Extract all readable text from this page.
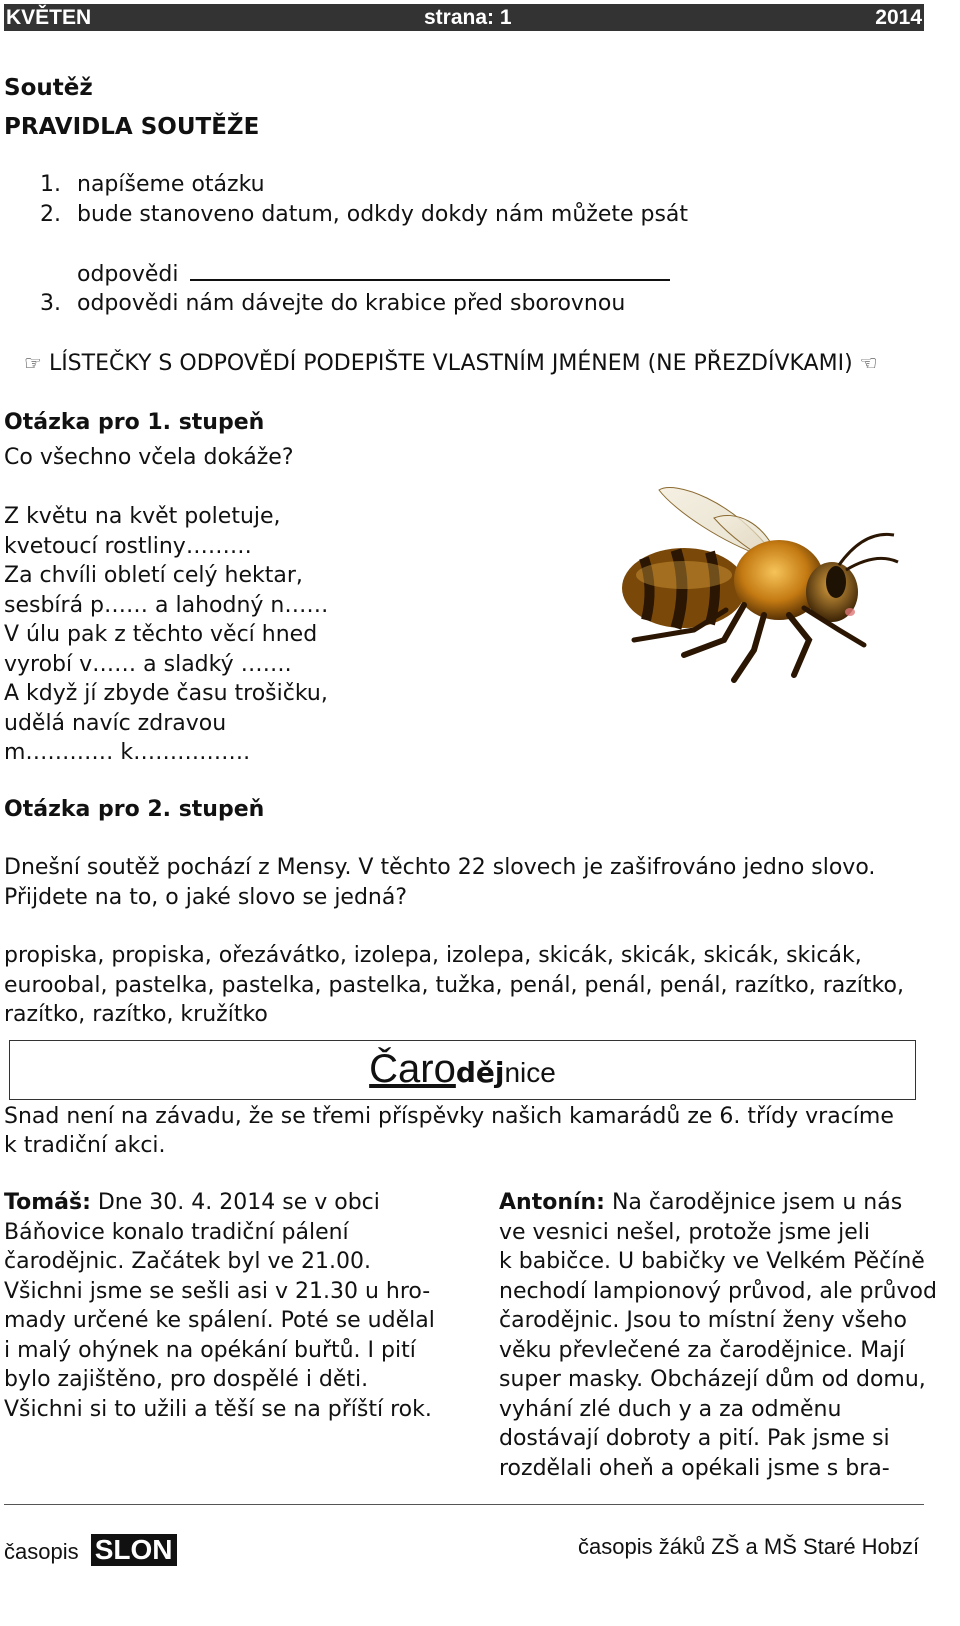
KVĚTEN	strana: 1	2014
Soutěž
PRAVIDLA SOUTĚŽE
1. napíšeme otázku
2. bude stanoveno datum, odkdy dokdy nám můžete psát
odpovědi
3. odpovědi nám dávejte do krabice před sborovnou
☞ LÍSTEČKY S ODPOVĚDÍ PODEPIŠTE VLASTNÍM JMÉNEM (NE PŘEZDÍVKAMI) ☜
Otázka pro 1. stupeň
Co všechno včela dokáže?
Z květu na květ poletuje,
kvetoucí rostliny………
Za chvíli obletí celý hektar,
sesbírá p…… a lahodný n……
V úlu pak z těchto věcí hned
vyrobí v…… a sladký …….
A když jí zbyde času trošičku,
udělá navíc zdravou
m………… k…………….
Otázka pro 2. stupeň
Dnešní soutěž pochází z Mensy. V těchto 22 slovech je zašifrováno jedno slovo.
Přijdete na to, o jaké slovo se jedná?
propiska, propiska, ořezávátko, izolepa, izolepa, skicák, skicák, skicák, skicák,
euroobal, pastelka, pastelka, pastelka, tužka, penál, penál, penál, razítko, razítko,
razítko, razítko, kružítko
Čarodějnice
Snad není na závadu, že se třemi příspěvky našich kamarádů ze 6. třídy vracíme
k tradiční akci.
Tomáš: Dne 30. 4. 2014 se v obci
Báňovice konalo tradiční pálení
čarodějnic. Začátek byl ve 21.00.
Všichni jsme se sešli asi v 21.30 u hro-
mady určené ke spálení. Poté se udělal
i malý ohýnek na opékání buřtů. I pití
bylo zajištěno, pro dospělé i děti.
Všichni si to užili a těší se na příští rok.
Antonín: Na čarodějnice jsem u nás
ve vesnici nešel, protože jsme jeli
k babičce. U babičky ve Velkém Pěčíně
nechodí lampionový průvod, ale průvod
čarodějnic. Jsou to místní ženy všeho
věku převlečené za čarodějnice. Mají
super masky. Obcházejí dům od domu,
vyhání zlé duch y a za odměnu
dostávají dobroty a pití. Pak jsme si
rozdělali oheň a opékali jsme s bra-
časopis SLON	časopis žáků ZŠ a MŠ Staré Hobzí
